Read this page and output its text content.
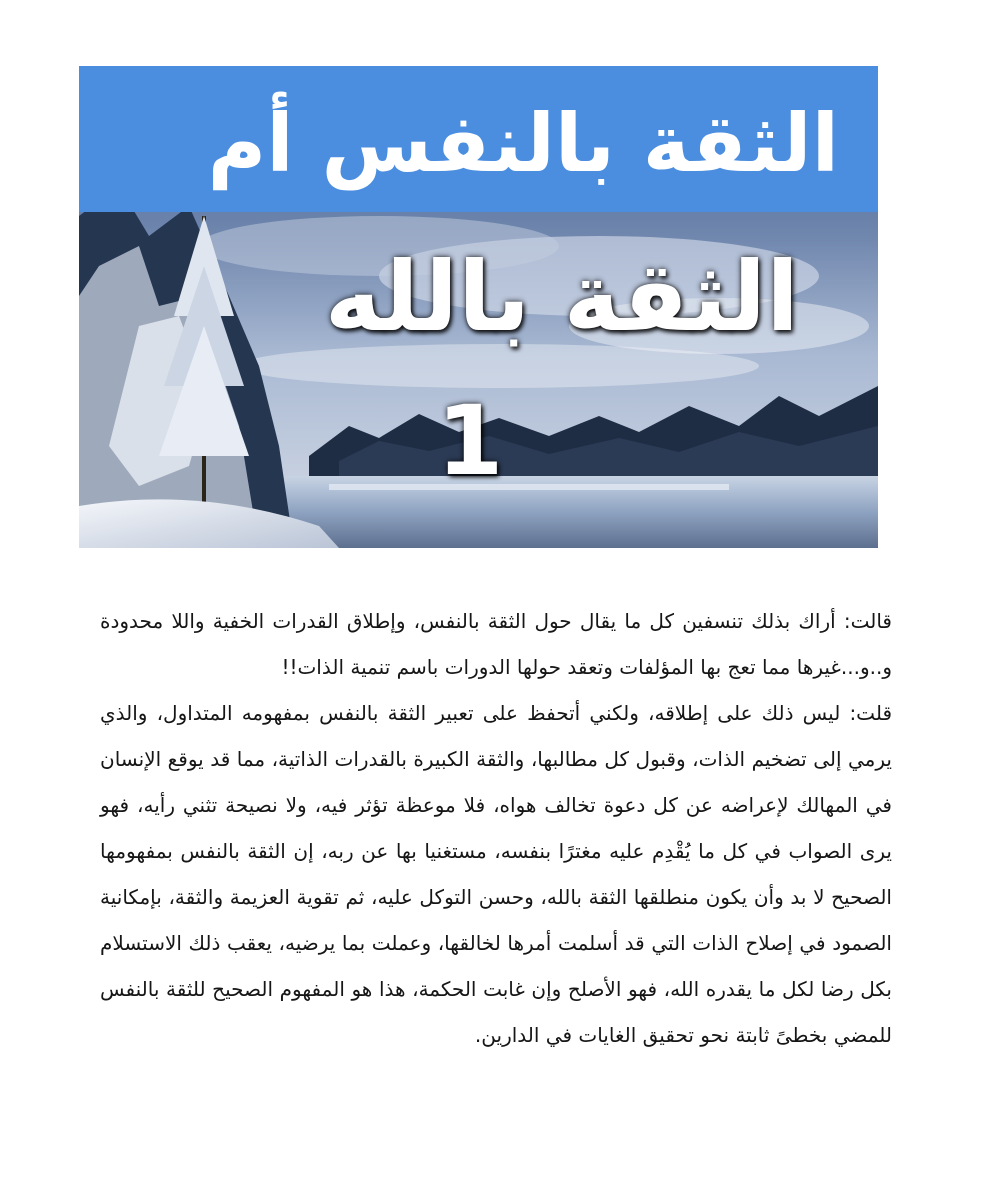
الثقة بالنفس أم
الثقة بالله
1

قالت: أراك بذلك تنسفين كل ما يقال حول الثقة بالنفس، وإطلاق القدرات الخفية واللا محدودة و..و...غيرها مما تعج بها المؤلفات وتعقد حولها الدورات باسم تنمية الذات!!

قلت: ليس ذلك على إطلاقه، ولكني أتحفظ على تعبير الثقة بالنفس بمفهومه المتداول، والذي يرمي إلى تضخيم الذات، وقبول كل مطالبها، والثقة الكبيرة بالقدرات الذاتية، مما قد يوقع الإنسان في المهالك لإعراضه عن كل دعوة تخالف هواه، فلا موعظة تؤثر فيه، ولا نصيحة تثني رأيه، فهو يرى الصواب في كل ما يُقْدِم عليه مغترًا بنفسه، مستغنيا بها عن ربه، إن الثقة بالنفس بمفهومها الصحيح لا بد وأن يكون منطلقها الثقة بالله، وحسن التوكل عليه، ثم تقوية العزيمة والثقة، بإمكانية الصمود في إصلاح الذات التي قد أسلمت أمرها لخالقها، وعملت بما يرضيه، يعقب ذلك الاستسلام بكل رضا لكل ما يقدره الله، فهو الأصلح وإن غابت الحكمة، هذا هو المفهوم الصحيح للثقة بالنفس للمضي بخطىً ثابتة نحو تحقيق الغايات في الدارين.
